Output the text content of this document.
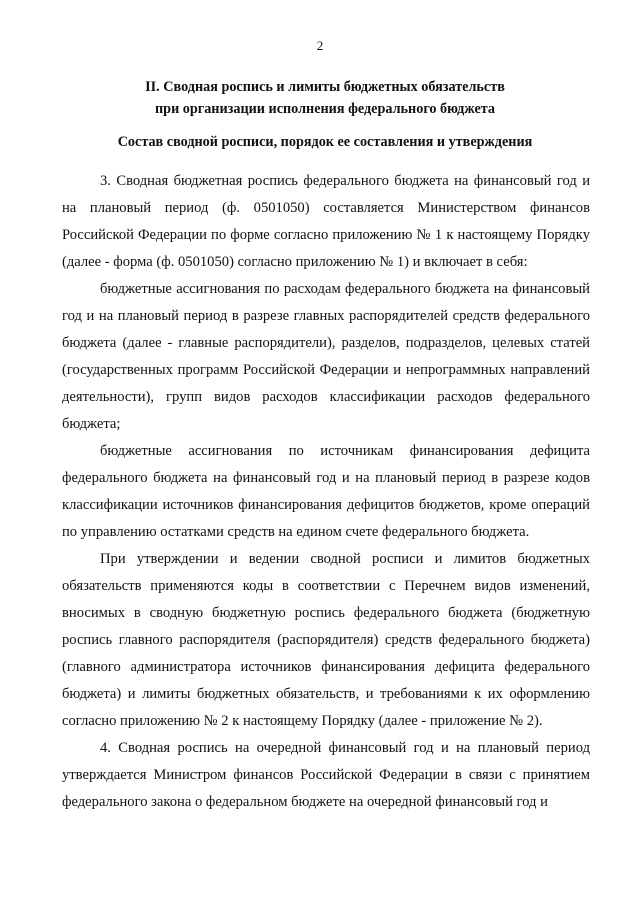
2
II. Сводная роспись и лимиты бюджетных обязательств
при организации исполнения федерального бюджета
Состав сводной росписи, порядок ее составления и утверждения

3. Сводная бюджетная роспись федерального бюджета на финансовый год и на плановый период (ф. 0501050) составляется Министерством финансов Российской Федерации по форме согласно приложению № 1 к настоящему Порядку (далее - форма (ф. 0501050) согласно приложению № 1) и включает в себя:

бюджетные ассигнования по расходам федерального бюджета на финансовый год и на плановый период в разрезе главных распорядителей средств федерального бюджета (далее - главные распорядители), разделов, подразделов, целевых статей (государственных программ Российской Федерации и непрограммных направлений деятельности), групп видов расходов классификации расходов федерального бюджета;

бюджетные ассигнования по источникам финансирования дефицита федерального бюджета на финансовый год и на плановый период в разрезе кодов классификации источников финансирования дефицитов бюджетов, кроме операций по управлению остатками средств на едином счете федерального бюджета.

При утверждении и ведении сводной росписи и лимитов бюджетных обязательств применяются коды в соответствии с Перечнем видов изменений, вносимых в сводную бюджетную роспись федерального бюджета (бюджетную роспись главного распорядителя (распорядителя) средств федерального бюджета) (главного администратора источников финансирования дефицита федерального бюджета) и лимиты бюджетных обязательств, и требованиями к их оформлению согласно приложению № 2 к настоящему Порядку (далее - приложение № 2).

4. Сводная роспись на очередной финансовый год и на плановый период утверждается Министром финансов Российской Федерации в связи с принятием федерального закона о федеральном бюджете на очередной финансовый год и
